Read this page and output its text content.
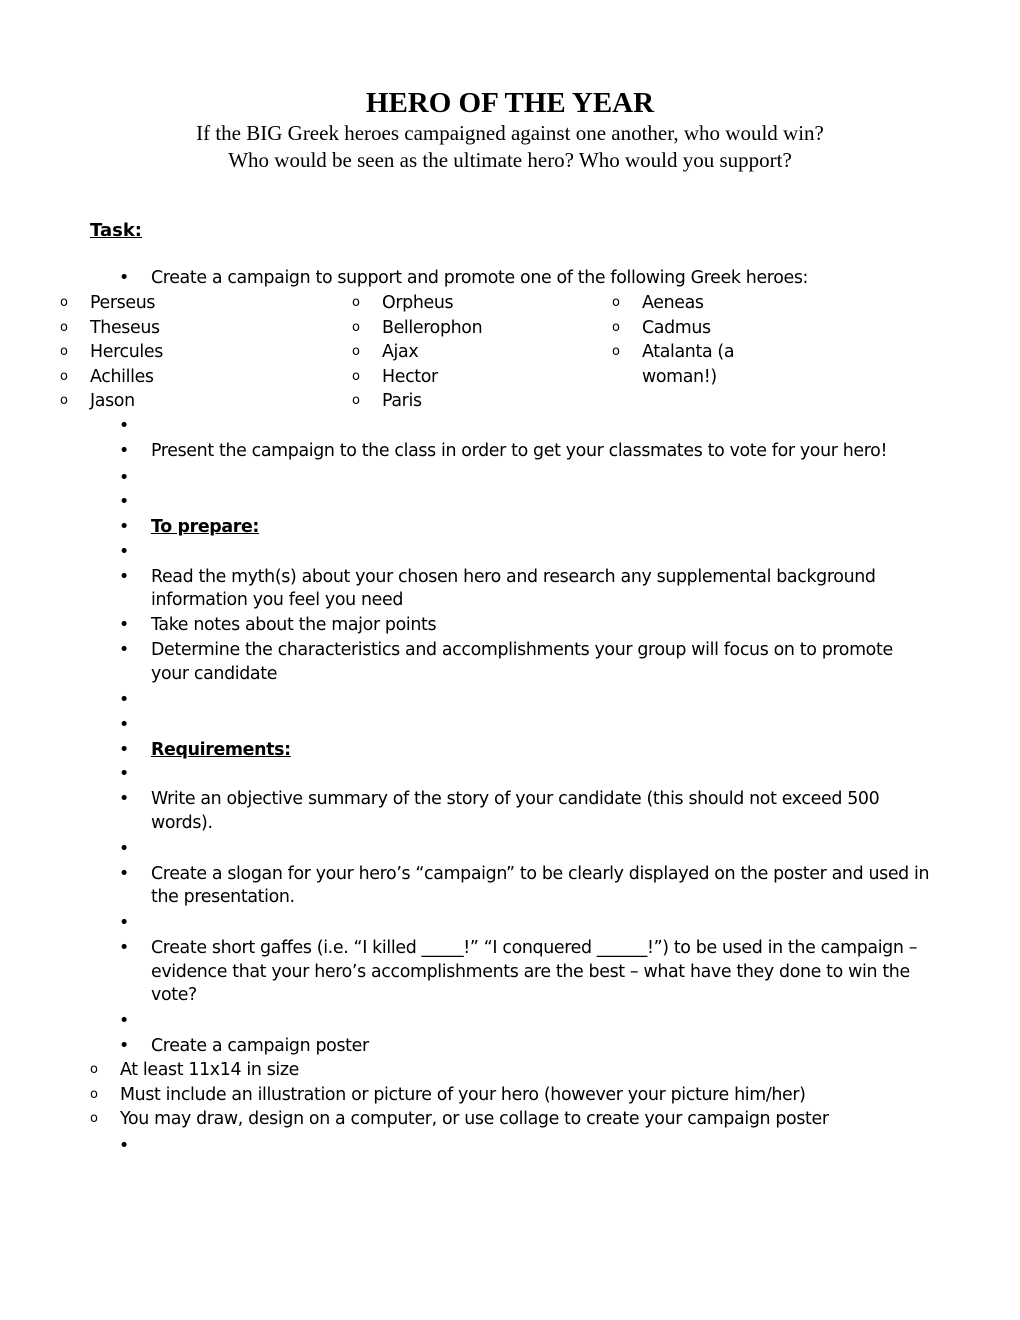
HERO OF THE YEAR
If the BIG Greek heroes campaigned against one another, who would win?
Who would be seen as the ultimate hero? Who would you support?
Task:
• Create a campaign to support and promote one of the following Greek heroes:
o Perseus
o Theseus
o Hercules
o Achilles
o Jason
o Orpheus
o Bellerophon
o Ajax
o Hector
o Paris
o Aeneas
o Cadmus
o Atalanta (a woman!)
•
• Present the campaign to the class in order to get your classmates to vote for your hero!
•
•
• To prepare:
•
• Read the myth(s) about your chosen hero and research any supplemental background information you feel you need
• Take notes about the major points
• Determine the characteristics and accomplishments your group will focus on to promote your candidate
•
•
• Requirements:
•
• Write an objective summary of the story of your candidate (this should not exceed 500 words).
•
• Create a slogan for your hero’s “campaign” to be clearly displayed on the poster and used in the presentation.
•
• Create short gaffes (i.e. “I killed _____!” “I conquered ______!”) to be used in the campaign – evidence that your hero’s accomplishments are the best – what have they done to win the vote?
•
• Create a campaign poster
o At least 11x14 in size
o Must include an illustration or picture of your hero (however your picture him/her)
o You may draw, design on a computer, or use collage to create your campaign poster
•
